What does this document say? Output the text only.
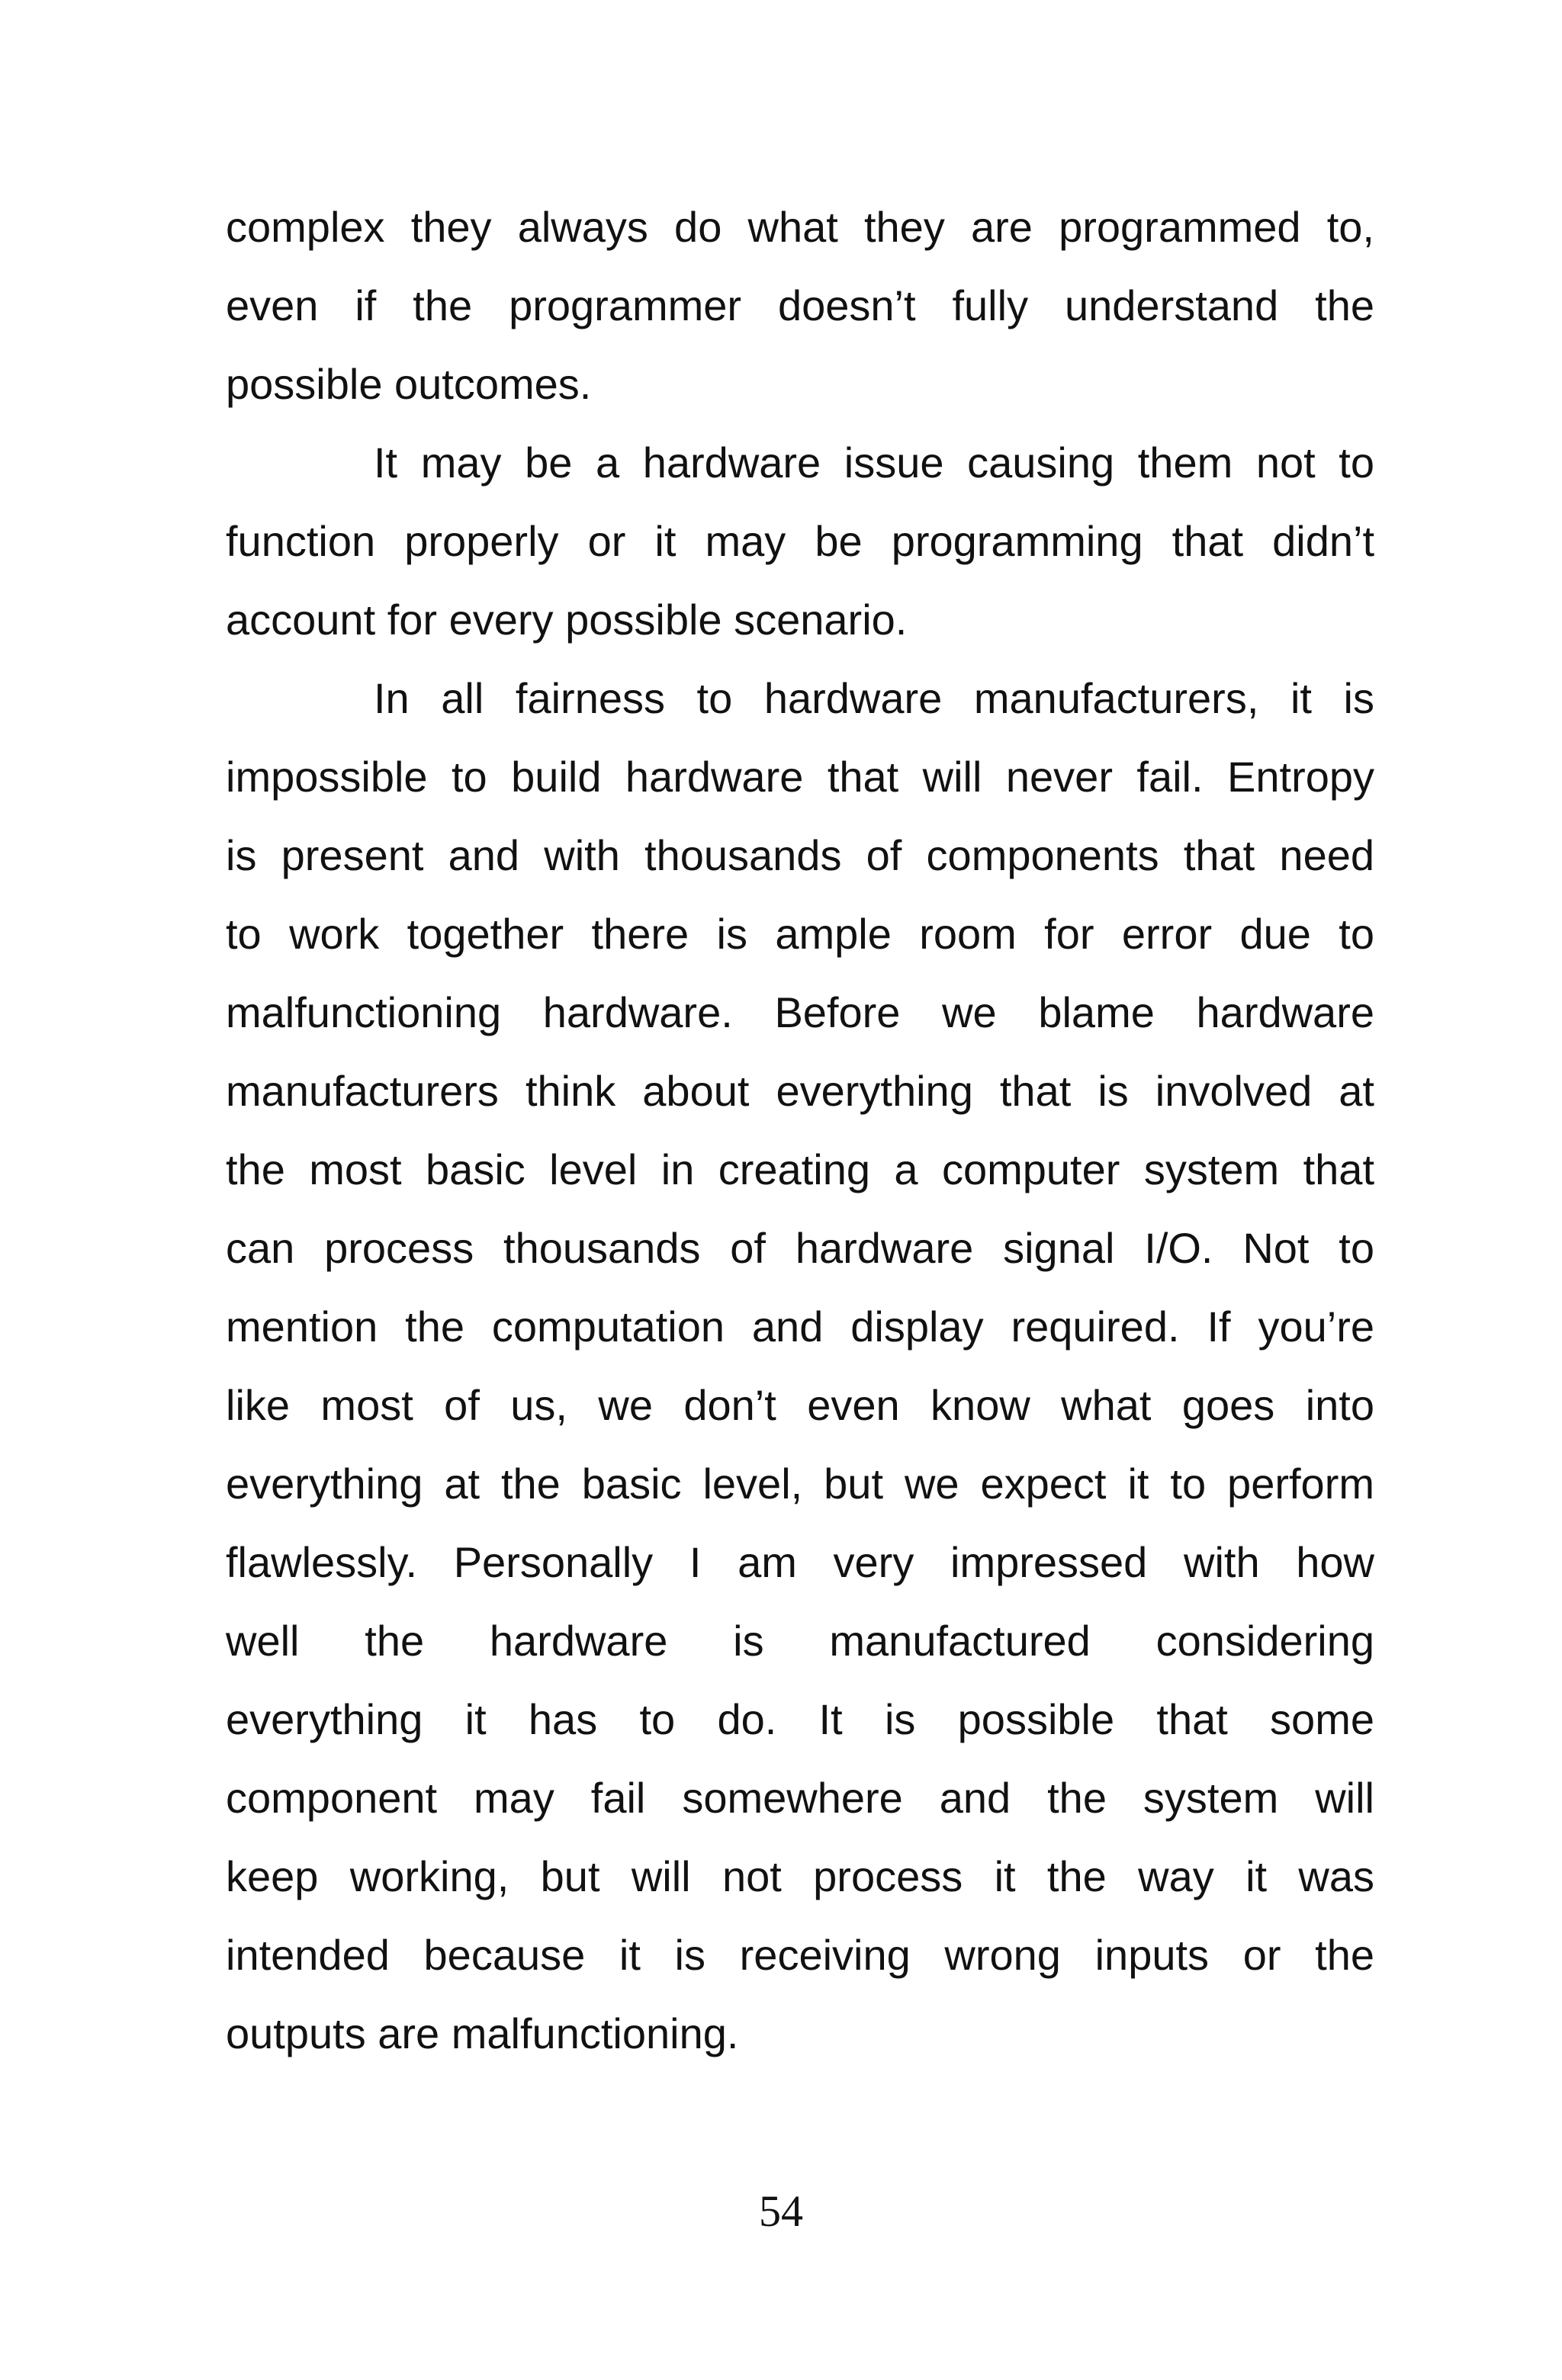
complex they always do what they are programmed to,
even if the programmer doesn’t fully understand the
possible outcomes.
It may be a hardware issue causing them not to
function properly or it may be programming that didn’t
account for every possible scenario.
In all fairness to hardware manufacturers, it is
impossible to build hardware that will never fail. Entropy
is present and with thousands of components that need
to work together there is ample room for error due to
malfunctioning hardware. Before we blame hardware
manufacturers think about everything that is involved at
the most basic level in creating a computer system that
can process thousands of hardware signal I/O. Not to
mention the computation and display required. If you’re
like most of us, we don’t even know what goes into
everything at the basic level, but we expect it to perform
flawlessly. Personally I am very impressed with how
well the hardware is manufactured considering
everything it has to do. It is possible that some
component may fail somewhere and the system will
keep working, but will not process it the way it was
intended because it is receiving wrong inputs or the
outputs are malfunctioning.
54
